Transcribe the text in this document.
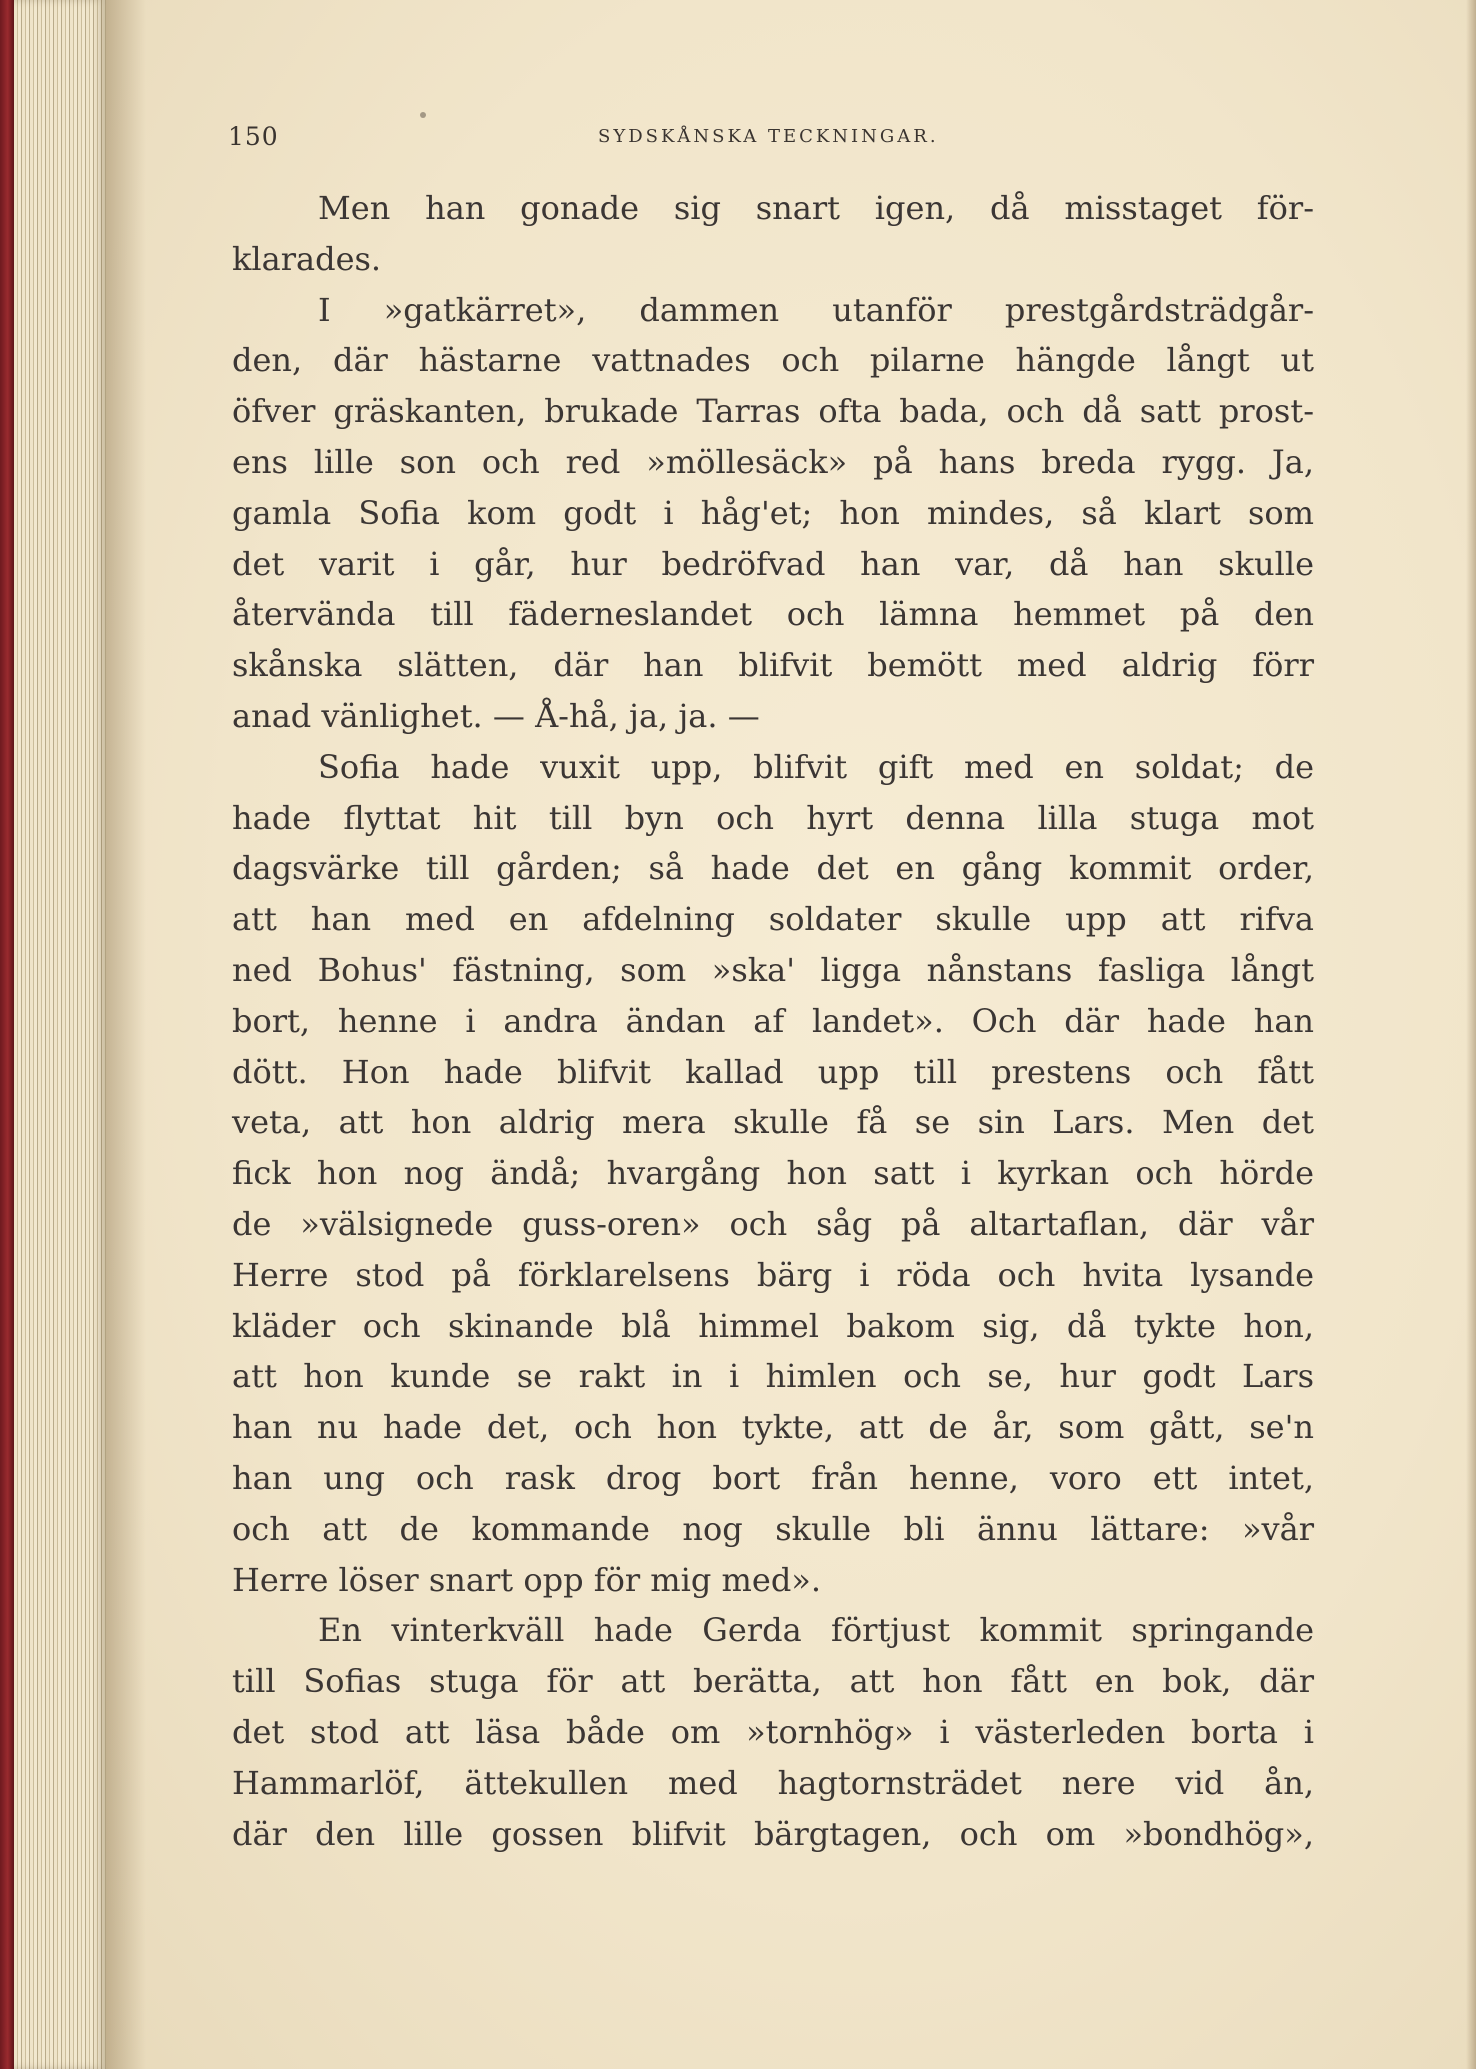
150	SYDSKÅNSKA TECKNINGAR.
Men han gonade sig snart igen, då misstaget för-
klarades.
I »gatkärret», dammen utanför prestgårdsträdgår-
den, där hästarne vattnades och pilarne hängde långt ut
öfver gräskanten, brukade Tarras ofta bada, och då satt prost-
ens lille son och red »möllesäck» på hans breda rygg. Ja,
gamla Sofia kom godt i håg'et; hon mindes, så klart som
det varit i går, hur bedröfvad han var, då han skulle
återvända till fäderneslandet och lämna hemmet på den
skånska slätten, där han blifvit bemött med aldrig förr
anad vänlighet. — Å-hå, ja, ja. —
Sofia hade vuxit upp, blifvit gift med en soldat; de
hade flyttat hit till byn och hyrt denna lilla stuga mot
dagsvärke till gården; så hade det en gång kommit order,
att han med en afdelning soldater skulle upp att rifva
ned Bohus' fästning, som »ska' ligga nånstans fasliga långt
bort, henne i andra ändan af landet». Och där hade han
dött. Hon hade blifvit kallad upp till prestens och fått
veta, att hon aldrig mera skulle få se sin Lars. Men det
fick hon nog ändå; hvargång hon satt i kyrkan och hörde
de »välsignede guss-oren» och såg på altartaflan, där vår
Herre stod på förklarelsens bärg i röda och hvita lysande
kläder och skinande blå himmel bakom sig, då tykte hon,
att hon kunde se rakt in i himlen och se, hur godt Lars
han nu hade det, och hon tykte, att de år, som gått, se'n
han ung och rask drog bort från henne, voro ett intet,
och att de kommande nog skulle bli ännu lättare: »vår
Herre löser snart opp för mig med».
En vinterkväll hade Gerda förtjust kommit springande
till Sofias stuga för att berätta, att hon fått en bok, där
det stod att läsa både om »tornhög» i västerleden borta i
Hammarlöf, ättekullen med hagtornsträdet nere vid ån,
där den lille gossen blifvit bärgtagen, och om »bondhög»,
